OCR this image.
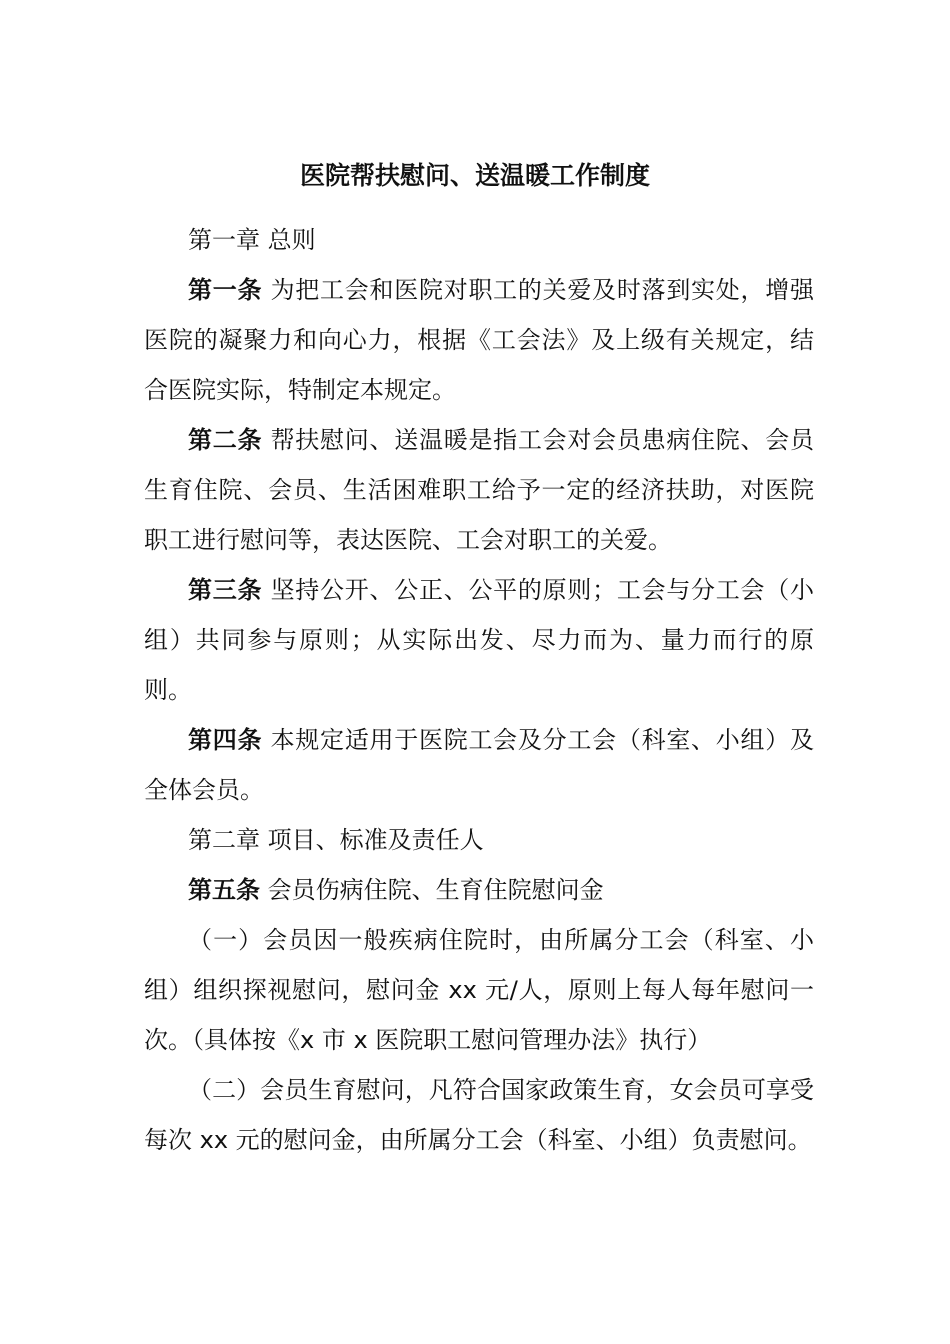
医院帮扶慰问、送温暖工作制度

第一章 总则

第一条 为把工会和医院对职工的关爱及时落到实处，增强医院的凝聚力和向心力，根据《工会法》及上级有关规定，结合医院实际，特制定本规定。

第二条 帮扶慰问、送温暖是指工会对会员患病住院、会员生育住院、会员、生活困难职工给予一定的经济扶助，对医院职工进行慰问等，表达医院、工会对职工的关爱。

第三条 坚持公开、公正、公平的原则；工会与分工会（小组）共同参与原则；从实际出发、尽力而为、量力而行的原则。

第四条 本规定适用于医院工会及分工会（科室、小组）及全体会员。

第二章 项目、标准及责任人

第五条 会员伤病住院、生育住院慰问金

（一）会员因一般疾病住院时，由所属分工会（科室、小组）组织探视慰问，慰问金 xx 元/人，原则上每人每年慰问一次。（具体按《x 市 x 医院职工慰问管理办法》执行）

（二）会员生育慰问，凡符合国家政策生育，女会员可享受每次 xx 元的慰问金，由所属分工会（科室、小组）负责慰问。
